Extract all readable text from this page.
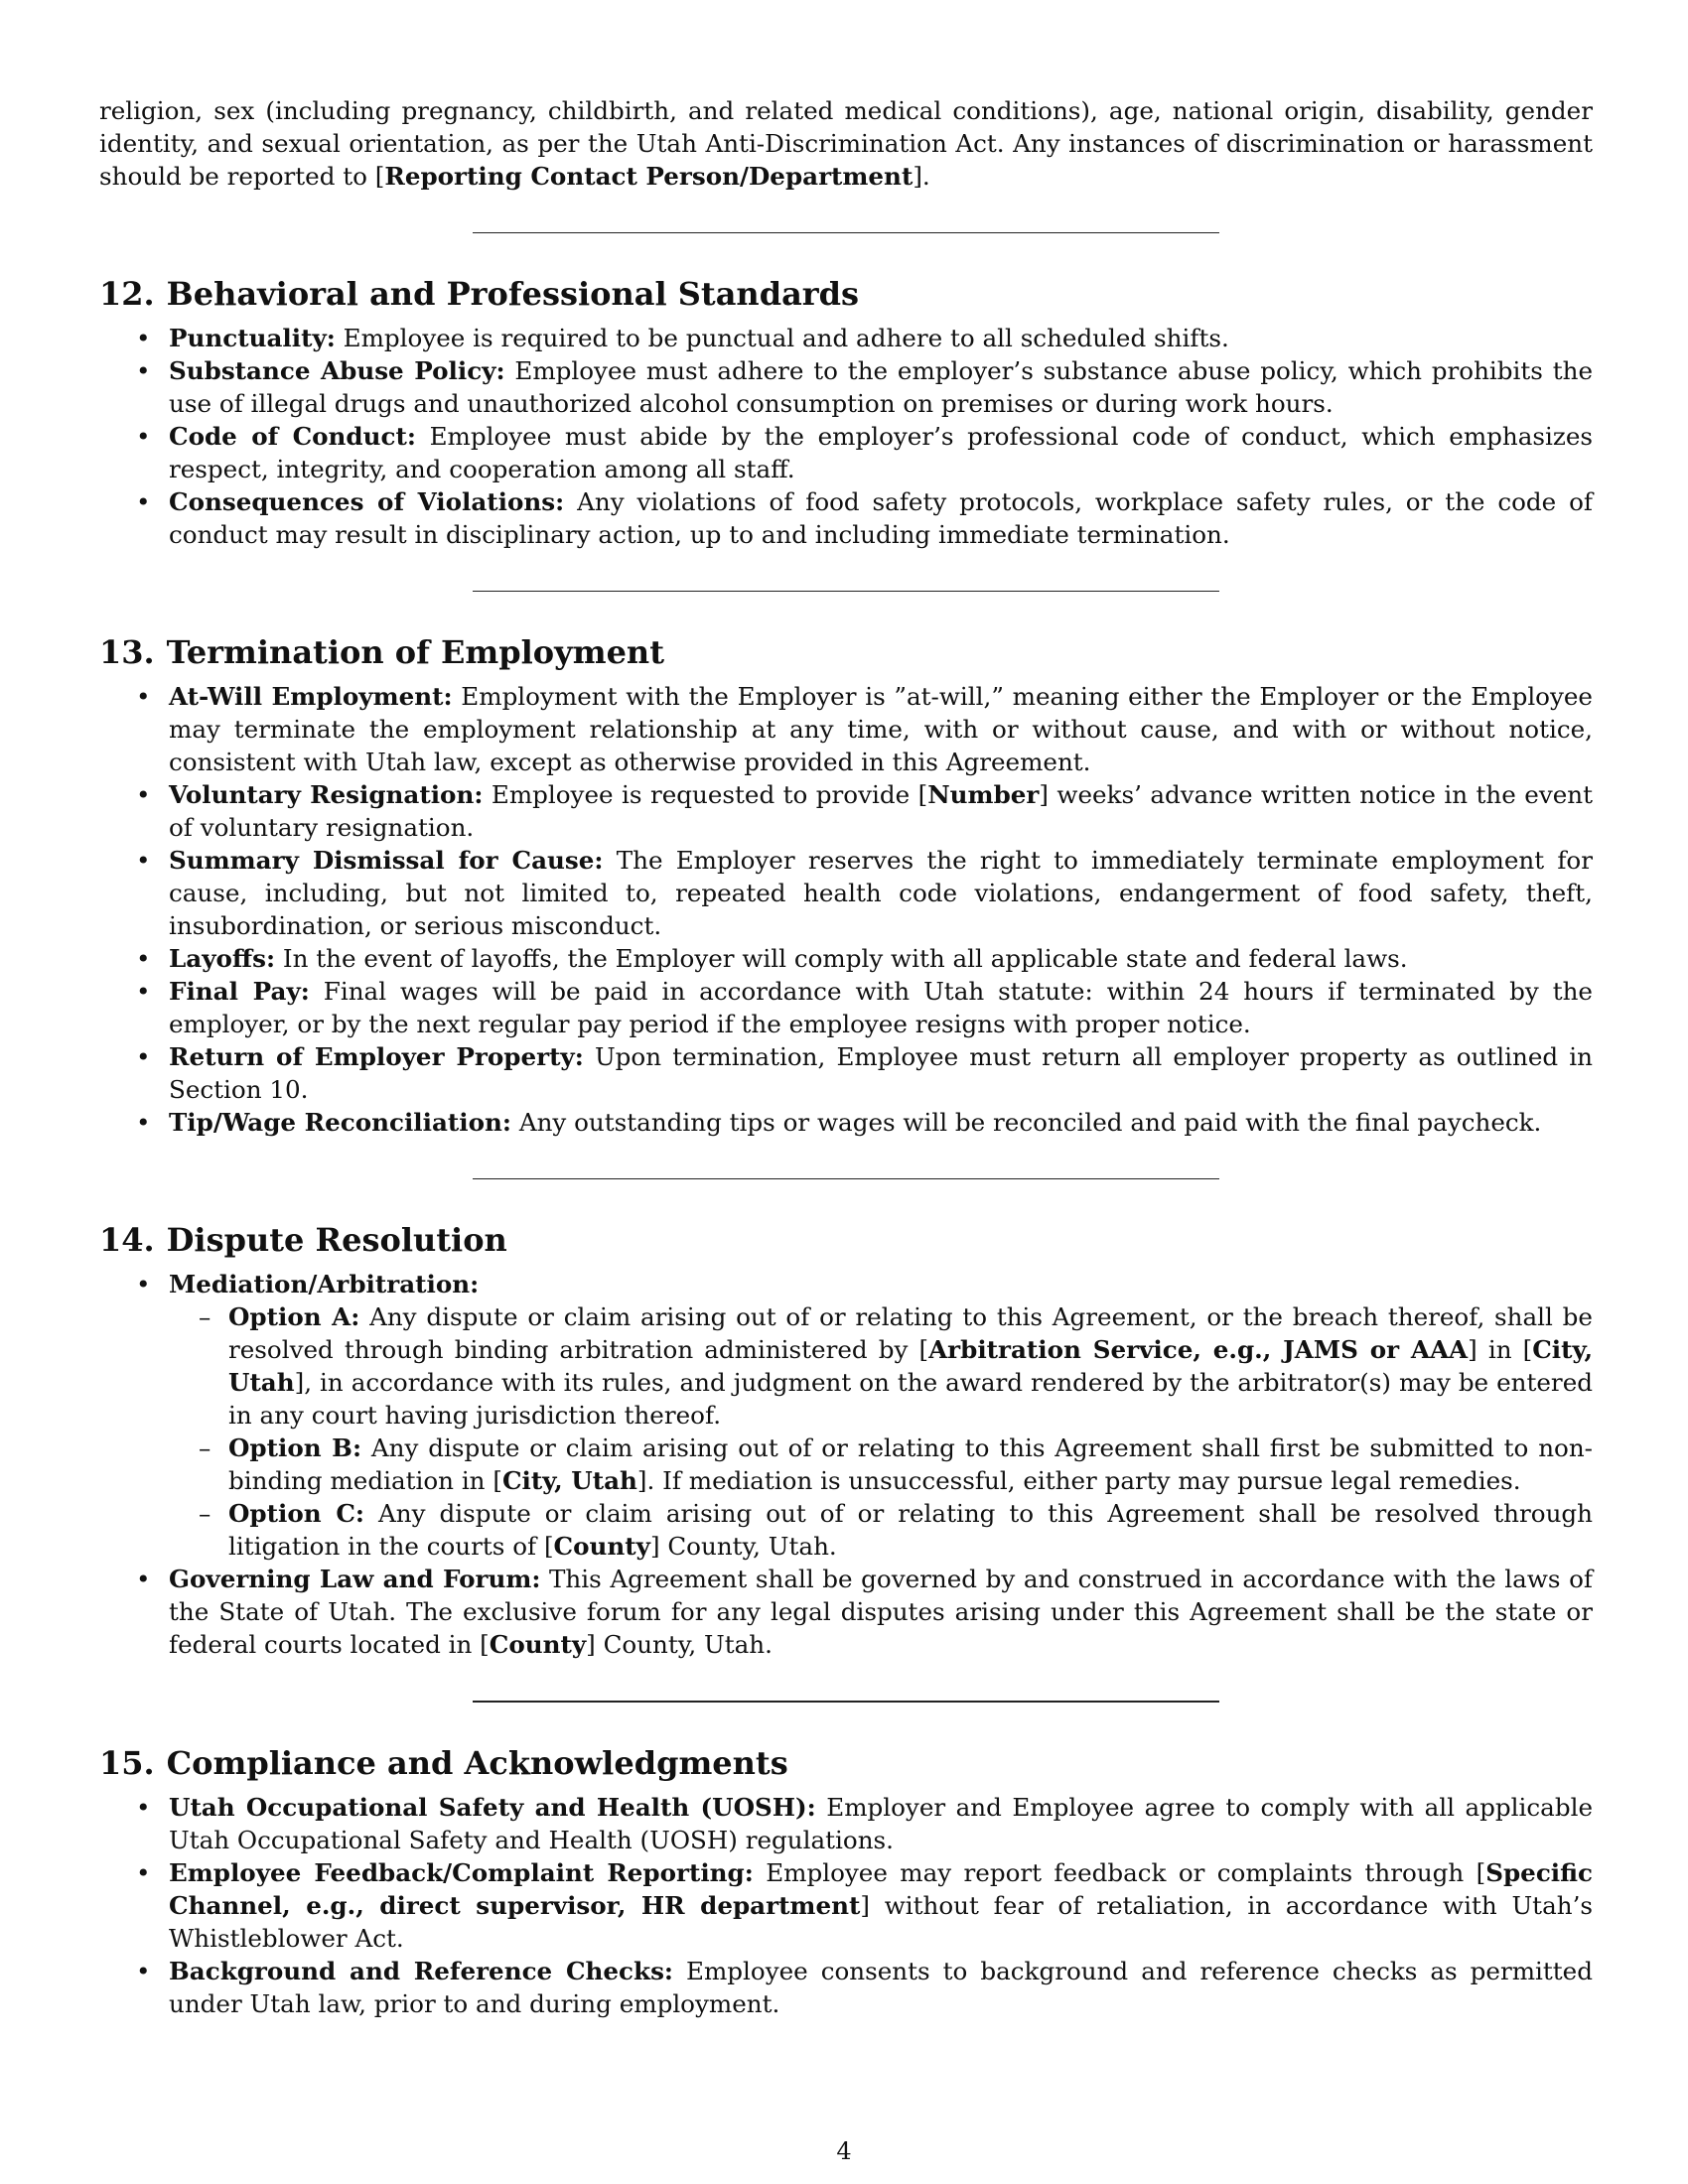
religion, sex (including pregnancy, childbirth, and related medical conditions), age, national origin, disability, gender identity, and sexual orientation, as per the Utah Anti-Discrimination Act. Any instances of discrimination or harassment should be reported to [Reporting Contact Person/Department].

12. Behavioral and Professional Standards
• Punctuality: Employee is required to be punctual and adhere to all scheduled shifts.
• Substance Abuse Policy: Employee must adhere to the employer’s substance abuse policy, which prohibits the use of illegal drugs and unauthorized alcohol consumption on premises or during work hours.
• Code of Conduct: Employee must abide by the employer’s professional code of conduct, which emphasizes respect, integrity, and cooperation among all staff.
• Consequences of Violations: Any violations of food safety protocols, workplace safety rules, or the code of conduct may result in disciplinary action, up to and including immediate termination.
13. Termination of Employment
• At-Will Employment: Employment with the Employer is ”at-will,” meaning either the Employer or the Employee may terminate the employment relationship at any time, with or without cause, and with or without notice, consistent with Utah law, except as otherwise provided in this Agreement.
• Voluntary Resignation: Employee is requested to provide [Number] weeks’ advance written notice in the event of voluntary resignation.
• Summary Dismissal for Cause: The Employer reserves the right to immediately terminate employment for cause, including, but not limited to, repeated health code violations, endangerment of food safety, theft, insubordination, or serious misconduct.
• Layoffs: In the event of layoffs, the Employer will comply with all applicable state and federal laws.
• Final Pay: Final wages will be paid in accordance with Utah statute: within 24 hours if terminated by the employer, or by the next regular pay period if the employee resigns with proper notice.
• Return of Employer Property: Upon termination, Employee must return all employer property as outlined in Section 10.
• Tip/Wage Reconciliation: Any outstanding tips or wages will be reconciled and paid with the final paycheck.
14. Dispute Resolution
• Mediation/Arbitration:
– Option A: Any dispute or claim arising out of or relating to this Agreement, or the breach thereof, shall be resolved through binding arbitration administered by [Arbitration Service, e.g., JAMS or AAA] in [City, Utah], in accordance with its rules, and judgment on the award rendered by the arbitrator(s) may be entered in any court having jurisdiction thereof.
– Option B: Any dispute or claim arising out of or relating to this Agreement shall first be submitted to non-binding mediation in [City, Utah]. If mediation is unsuccessful, either party may pursue legal remedies.
– Option C: Any dispute or claim arising out of or relating to this Agreement shall be resolved through litigation in the courts of [County] County, Utah.
• Governing Law and Forum: This Agreement shall be governed by and construed in accordance with the laws of the State of Utah. The exclusive forum for any legal disputes arising under this Agreement shall be the state or federal courts located in [County] County, Utah.
15. Compliance and Acknowledgments
• Utah Occupational Safety and Health (UOSH): Employer and Employee agree to comply with all applicable Utah Occupational Safety and Health (UOSH) regulations.
• Employee Feedback/Complaint Reporting: Employee may report feedback or complaints through [Specific Channel, e.g., direct supervisor, HR department] without fear of retaliation, in accordance with Utah’s Whistleblower Act.
• Background and Reference Checks: Employee consents to background and reference checks as permitted under Utah law, prior to and during employment.
4
